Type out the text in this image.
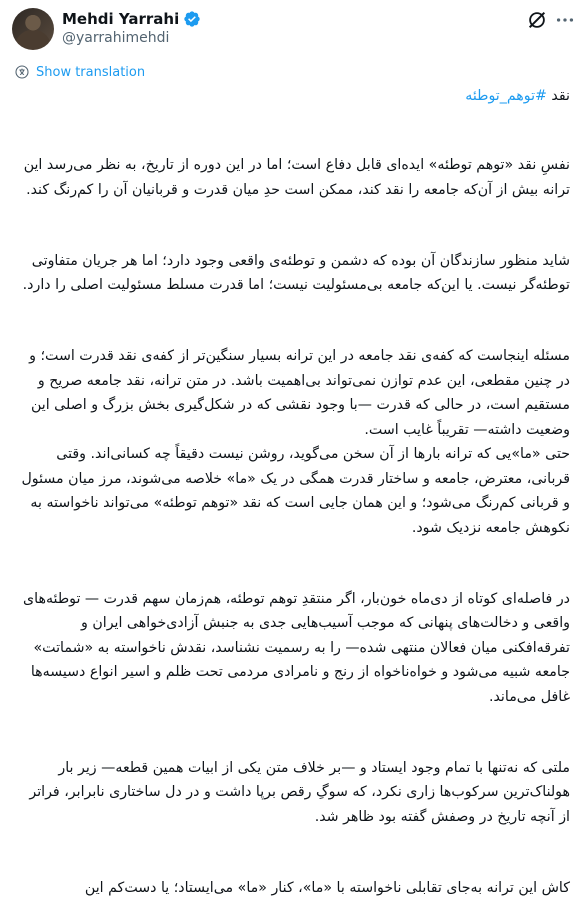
Mehdi Yarrahi
@yarrahimehdi
Show translation

نقد #توهم_توطئه

نفسِ نقد «توهم توطئه» ایده‌ای قابل دفاع است؛ اما در این دوره از تاریخ، به نظر می‌رسد این ترانه بیش از آن‌که جامعه را نقد کند، ممکن است حدِ میان قدرت و قربانیان آن را کم‌رنگ کند.

شاید منظور سازندگان آن بوده که دشمن و توطئه‌ی واقعی وجود دارد؛ اما هر جریان متفاوتی توطئه‌گر نیست. یا این‌که جامعه بی‌مسئولیت نیست؛ اما قدرت مسلط مسئولیت اصلی را دارد.

مسئله اینجاست که کفه‌ی نقد جامعه در این ترانه بسیار سنگین‌تر از کفه‌ی نقد قدرت است؛ و در چنین مقطعی، این عدم توازن نمی‌تواند بی‌اهمیت باشد. در متن ترانه، نقد جامعه صریح و مستقیم است، در حالی که قدرت —با وجود نقشی که در شکل‌گیری بخش بزرگ و اصلی این وضعیت داشته— تقریباً غایب است.
حتی «ما»یی که ترانه بارها از آن سخن می‌گوید، روشن نیست دقیقاً چه کسانی‌اند. وقتی قربانی، معترض، جامعه و ساختار قدرت همگی در یک «ما» خلاصه می‌شوند، مرز میان مسئول و قربانی کم‌رنگ می‌شود؛ و این همان جایی است که نقد «توهم توطئه» می‌تواند ناخواسته به نکوهش جامعه نزدیک شود.

در فاصله‌ای کوتاه از دی‌ماه خون‌بار، اگر منتقدِ توهم توطئه، هم‌زمان سهم قدرت — توطئه‌های واقعی و دخالت‌های پنهانی که موجب آسیب‌هایی جدی به جنبش آزادی‌خواهی ایران و تفرقه‌افکنی میان فعالان منتهی شده— را به رسمیت نشناسد، نقدش ناخواسته به «شماتت» جامعه شبیه می‌شود و خواه‌ناخواه از رنج و نامرادی مردمی تحت ظلم و اسیر انواع دسیسه‌ها غافل می‌ماند.

ملتی که نه‌تنها با تمام وجود ایستاد و —بر خلاف متن یکی از ابیات همین قطعه— زیر بار هولناک‌ترین سرکوب‌ها زاری نکرد، که سوگِ رقص برپا داشت و در دل ساختاری نابرابر، فراتر از آنچه تاریخ در وصفش گفته بود ظاهر شد.

کاش این ترانه به‌جای تقابلی ناخواسته با «ما»، کنار «ما» می‌ایستاد؛ یا دست‌کم این
